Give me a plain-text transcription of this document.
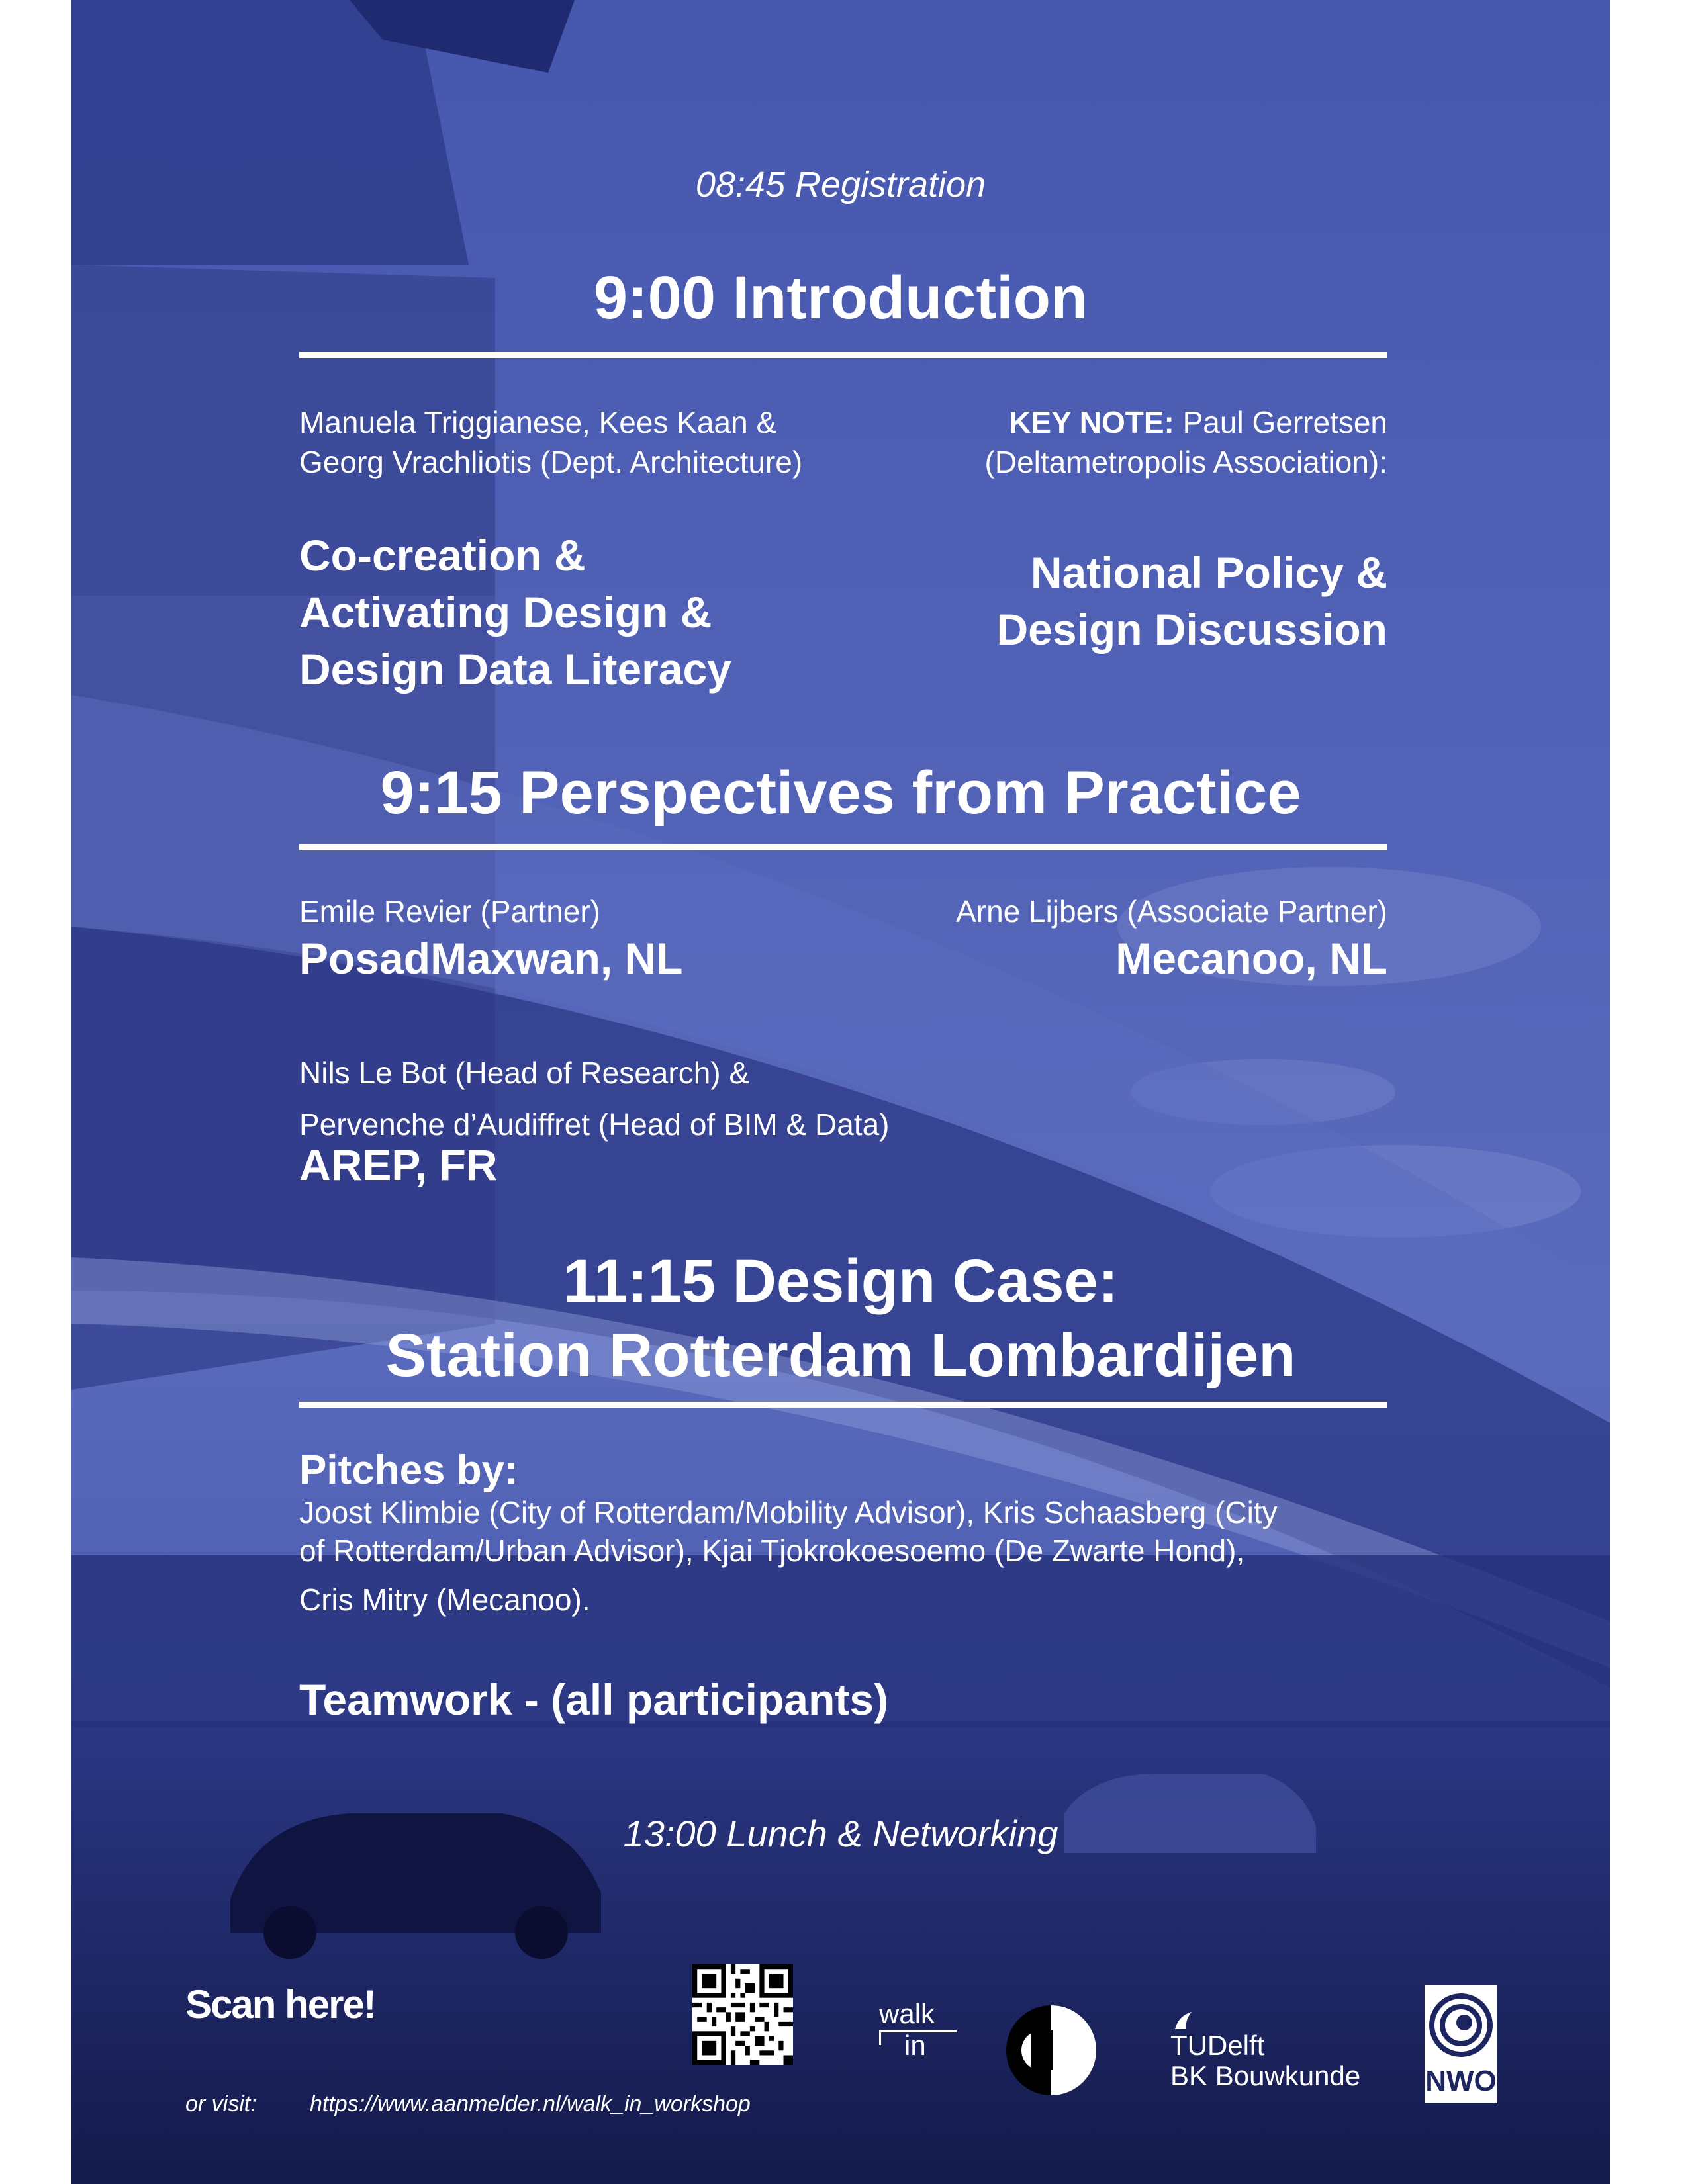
08:45 Registration
9:00 Introduction
Manuela Triggianese, Kees Kaan &
Georg Vrachliotis (Dept. Architecture)
Co-creation &
Activating Design &
Design Data Literacy
KEY NOTE: Paul Gerretsen
(Deltametropolis Association):
National Policy &
Design Discussion
9:15 Perspectives from Practice
Emile Revier (Partner)
PosadMaxwan, NL
Arne Lijbers (Associate Partner)
Mecanoo, NL
Nils Le Bot (Head of Research) &
Pervenche d’Audiffret (Head of BIM & Data)
AREP, FR
11:15 Design Case:
Station Rotterdam Lombardijen
Pitches by:
Joost Klimbie (City of Rotterdam/Mobility Advisor), Kris Schaasberg (City
of Rotterdam/Urban Advisor), Kjai Tjokrokoesoemo (De Zwarte Hond),
Cris Mitry (Mecanoo).
Teamwork - (all participants)
13:00 Lunch & Networking
Scan here!	walk
in	TUDelft
BK Bouwkunde NWO
or visit: https://www.aanmelder.nl/walk_in_workshop
